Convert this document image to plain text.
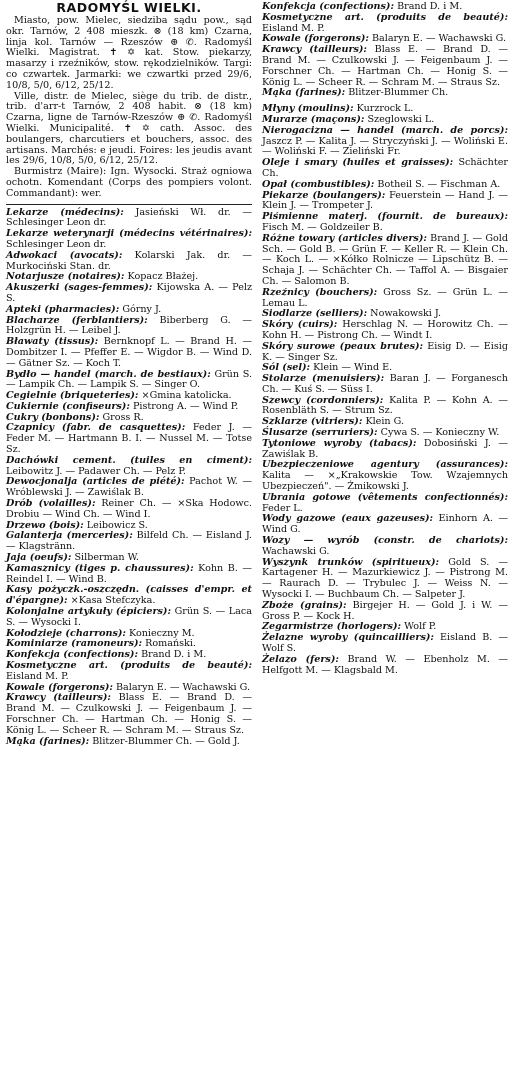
RADOMYŚL WIELKI.

Miasto, pow. Mielec, siedziba sądu pow., sąd okr. Tarnów, 2 408 mieszk. ⊗ (18 km) Czarna, linja kol. Tarnów — Rzeszów ⊕ ✆. Radomyśl Wielki. Magistrat. ✝ ✡ kat. Stow. piekarzy, masarzy i rzeźników, stow. rękodzielników. Targi: co czwartek. Jarmarki: we czwartki przed 29/6, 10/8, 5/0, 6/12, 25/12.

Ville, distr. de Mielec, siège du trib. de distr., trib. d'arr-t Tarnów, 2 408 habit. ⊗ (18 km) Czarna, ligne de Tarnów-Rzeszów ⊕ ✆. Radomyśl Wielki. Municipalité. ✝ ✡ cath. Assoc. des boulangers, charcutiers et bouchers, assoc. des artisans. Marchés: e jeudi. Foires: les jeudis avant les 29/6, 10/8, 5/0, 6/12, 25/12.

Burmistrz (Maire): Ign. Wysocki. Straż ogniowa ochotn. Komendant (Corps des pompiers volont. Commandant): wer.

Lekarze (médecins): Jasieński Wł. dr. — Schlesinger Leon dr.

Lekarze weterynarji (médecins vétérinaires): Schlesinger Leon dr.

Adwokaci (avocats): Kolarski Jak. dr. — Murkociński Stan. dr.

Notarjusze (notaires): Kopacz Błażej.

Akuszerki (sages-femmes): Kijowska A. — Pelz S.

Apteki (pharmacies): Górny J.

Blacharze (ferblantiers): Biberberg G. — Holzgrün H. — Leibel J.

Bławaty (tissus): Bernknopf L. — Brand H. — Dombitzer I. — Pfeffer E. — Wigdor B. — Wind D. — Gätner Sz. — Koch T.

Bydło — handel (march. de bestiaux): Grün S. — Lampik Ch. — Lampik S. — Singer O.

Cegielnie (briqueteries): ×Gmina katolicka.

Cukiernie (confiseurs): Pistrong A. — Wind P.

Cukry (bonbons): Gross R.

Czapnicy (fabr. de casquettes): Feder J. — Feder M. — Hartmann B. I. — Nussel M. — Totse Sz.

Dachówki cement. (tuiles en ciment): Leibowitz J. — Padawer Ch. — Pelz P.

Dewocjonalja (articles de piété): Pachot W. — Wróblewski J. — Zawiślak B.

Drób (volailles): Reiner Ch. — ×Ska Hodowc. Drobiu — Wind Ch. — Wind I.

Drzewo (bois): Leibowicz S.

Galanterja (merceries): Bilfeld Ch. — Eisland J. — Klagstränn.

Jaja (oeufs): Silberman W.

Kamasznicy (tiges p. chaussures): Kohn B. — Reindel I. — Wind B.

Kasy pożyczk.-oszczędn. (caisses d'empr. et d'épargne): ×Kasa Stefczyka.

Kolonjalne artykuły (épiciers): Grün S. — Laca S. — Wysocki I.

Kołodzieje (charrons): Konieczny M.

Kominiarze (ramoneurs): Romański.

Konfekcja (confections): Brand D. i M.

Kosmetyczne art. (produits de beauté): Eisland M. P.

Kowale (forgerons): Balaryn E. — Wachawski G.

Krawcy (tailleurs): Blass E. — Brand D. — Brand M. — Czulkowski J. — Feigenbaum J. — Forschner Ch. — Hartman Ch. — Honig S. — König L. — Scheer R. — Schram M. — Straus Sz.

Mąka (farines): Blitzer-Blummer Ch. — Gold J.

Konfekcja (confections): Brand D. i M.

Kosmetyczne art. (produits de beauté): Eisland M. P.

Kowale (forgerons): Balaryn E. — Wachawski G.

Krawcy (tailleurs): Blass E. — Brand D. — Brand M. — Czulkowski J. — Feigenbaum J. — Forschner Ch. — Hartman Ch. — Honig S. — König L. — Scheer R. — Schram M. — Straus Sz.

Mąka (farines): Blitzer-Blummer Ch.

Młyny (moulins): Kurzrock L.

Murarze (maçons): Szeglowski L.

Nierogacizna — handel (march. de porcs): Jaszcz P. — Kalita J. — Stryczyński J. — Woliński E. — Woliński F. — Zieliński Fr.

Oleje i smary (huiles et graisses): Schächter Ch.

Opał (combustibles): Botheil S. — Fischman A.

Piekarze (boulangers): Feuerstein — Hand J. — Klein J. — Trompeter J.

Piśmienne materj. (fournit. de bureaux): Fisch M. — Goldzeiler B.

Różne towary (articles divers): Brand J. — Gold Sch. — Gold B. — Grün F. — Keller R. — Klein Ch. — Koch L. — ×Kółko Rolnicze — Lipschütz B. — Schaja J. — Schächter Ch. — Taffol A. — Bisgaier Ch. — Salomon B.

Rzeźnicy (bouchers): Gross Sz. — Grün L. — Lemau L.

Siodlarze (selliers): Nowakowski J.

Skóry (cuirs): Herschlag N. — Horowitz Ch. — Kohn H. — Pistrong Ch. — Windt I.

Skóry surowe (peaux brutes): Eisig D. — Eisig K. — Singer Sz.

Sól (sel): Klein — Wind E.

Stolarze (menuisiers): Baran J. — Forganesch Ch. — Kuś S. — Süss I.

Szewcy (cordonniers): Kalita P. — Kohn A. — Rosenbläth S. — Strum Sz.

Szklarze (vitriers): Klein G.

Ślusarze (serruriers): Cywa S. — Konieczny W.

Tytoniowe wyroby (tabacs): Dobosiński J. — Zawiślak B.

Ubezpieczeniowe agentury (assurances): Kalita — ×„Krakowskie Tow. Wzajemnych Ubezpieczeń". — Żmikowski J.

Ubrania gotowe (vêtements confectionnés): Feder L.

Wody gazowe (eaux gazeuses): Einhorn A. — Wind G.

Wozy — wyrób (constr. de chariots): Wachawski G.

Wyszynk trunków (spiritueux): Gold S. — Kartagener H. — Mazurkiewicz J. — Pistrong M. — Raurach D. — Trybulec J. — Weiss N. — Wysocki I. — Buchbaum Ch. — Salpeter J.

Zboże (grains): Birgejer H. — Gold J. i W. — Gross P. — Kock H.

Zegarmistrze (horlogers): Wolf P.

Żelazne wyroby (quincailliers): Eisland B. — Wolf S.

Żelazo (fers): Brand W. — Ebenholz M. — Helfgott M. — Klagsbald M.
